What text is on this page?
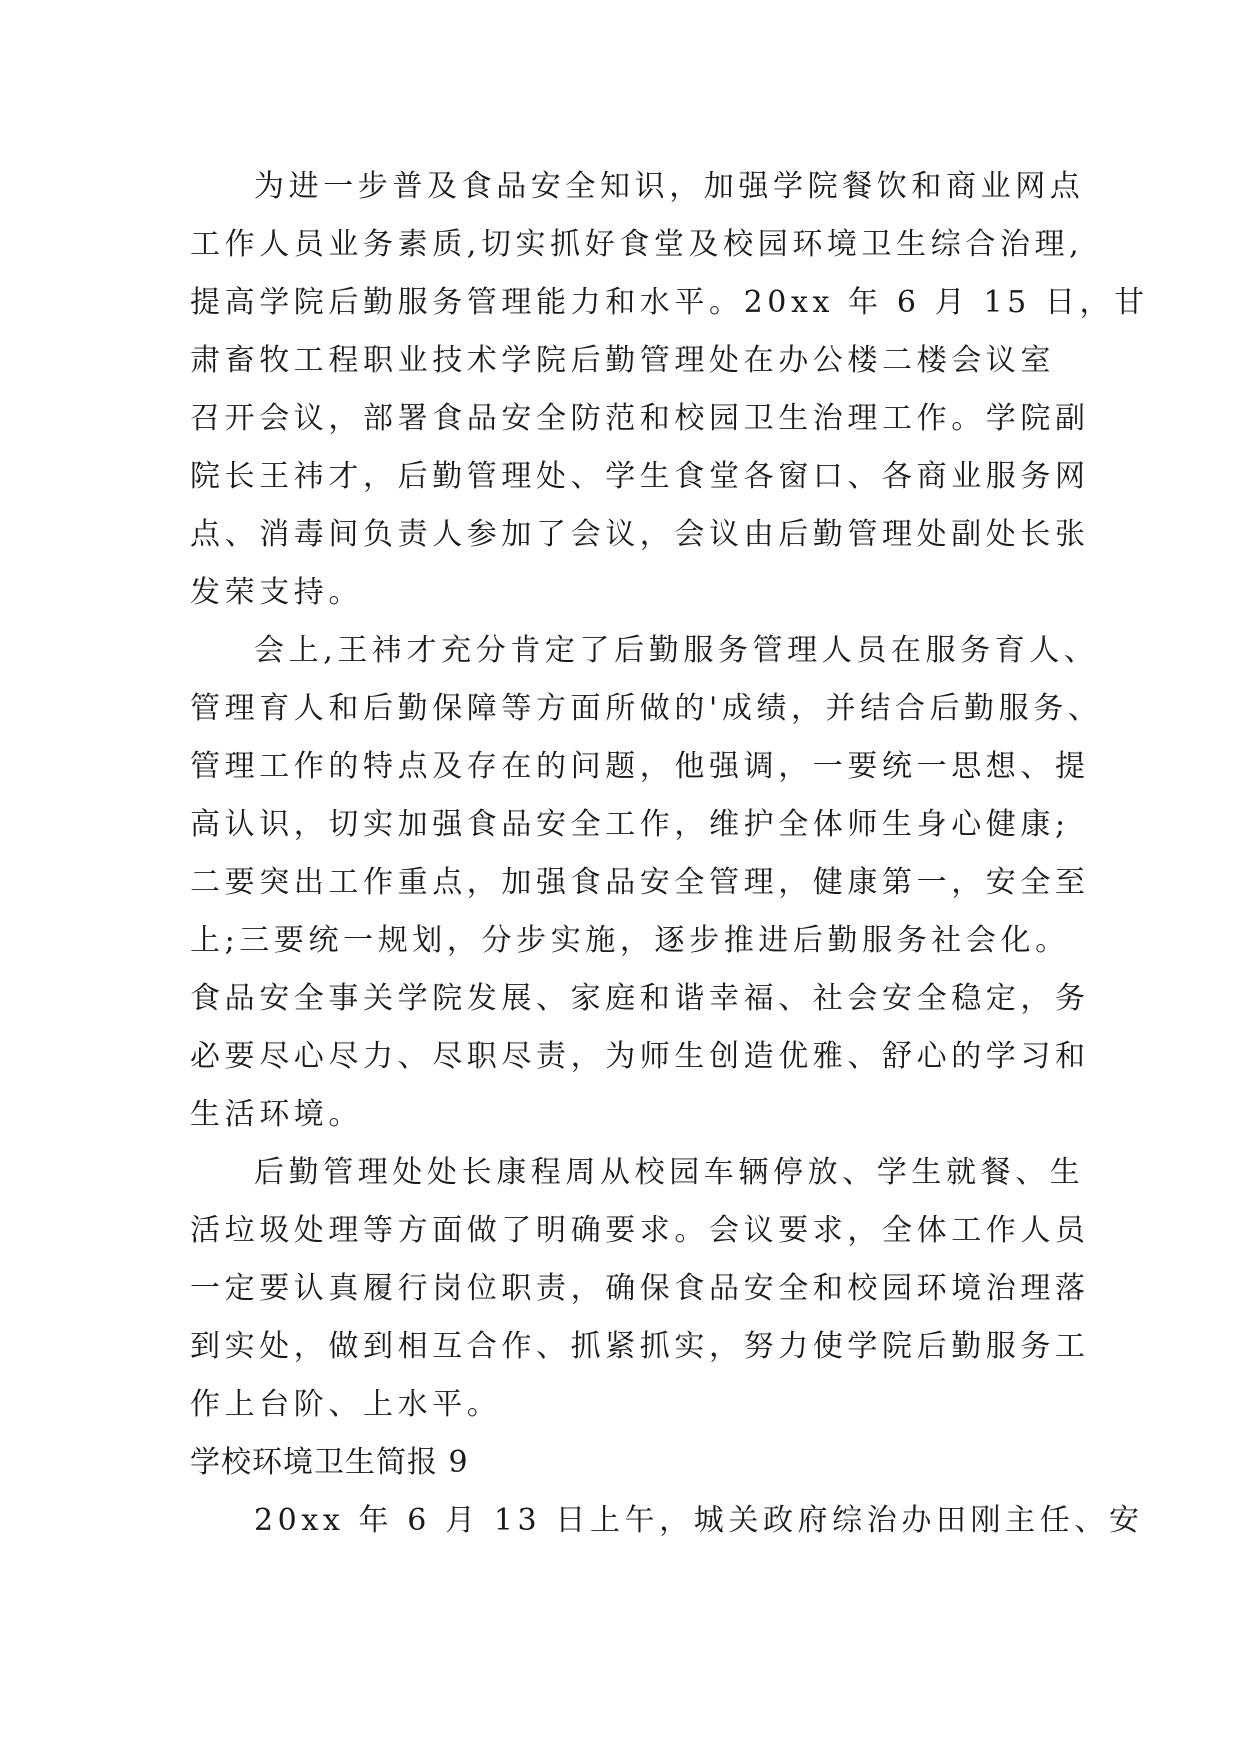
为进一步普及食品安全知识，加强学院餐饮和商业网点
工作人员业务素质,切实抓好食堂及校园环境卫生综合治理,
提高学院后勤服务管理能力和水平。20xx 年 6 月 15 日，甘
肃畜牧工程职业技术学院后勤管理处在办公楼二楼会议室
召开会议，部署食品安全防范和校园卫生治理工作。学院副
院长王祎才，后勤管理处、学生食堂各窗口、各商业服务网
点、消毒间负责人参加了会议，会议由后勤管理处副处长张
发荣支持。
会上,王祎才充分肯定了后勤服务管理人员在服务育人、
管理育人和后勤保障等方面所做的'成绩，并结合后勤服务、
管理工作的特点及存在的问题，他强调，一要统一思想、提
高认识，切实加强食品安全工作，维护全体师生身心健康;
二要突出工作重点，加强食品安全管理，健康第一，安全至
上;三要统一规划，分步实施，逐步推进后勤服务社会化。
食品安全事关学院发展、家庭和谐幸福、社会安全稳定，务
必要尽心尽力、尽职尽责，为师生创造优雅、舒心的学习和
生活环境。
后勤管理处处长康程周从校园车辆停放、学生就餐、生
活垃圾处理等方面做了明确要求。会议要求，全体工作人员
一定要认真履行岗位职责，确保食品安全和校园环境治理落
到实处，做到相互合作、抓紧抓实，努力使学院后勤服务工
作上台阶、上水平。
学校环境卫生简报 9
20xx 年 6 月 13 日上午，城关政府综治办田刚主任、安
